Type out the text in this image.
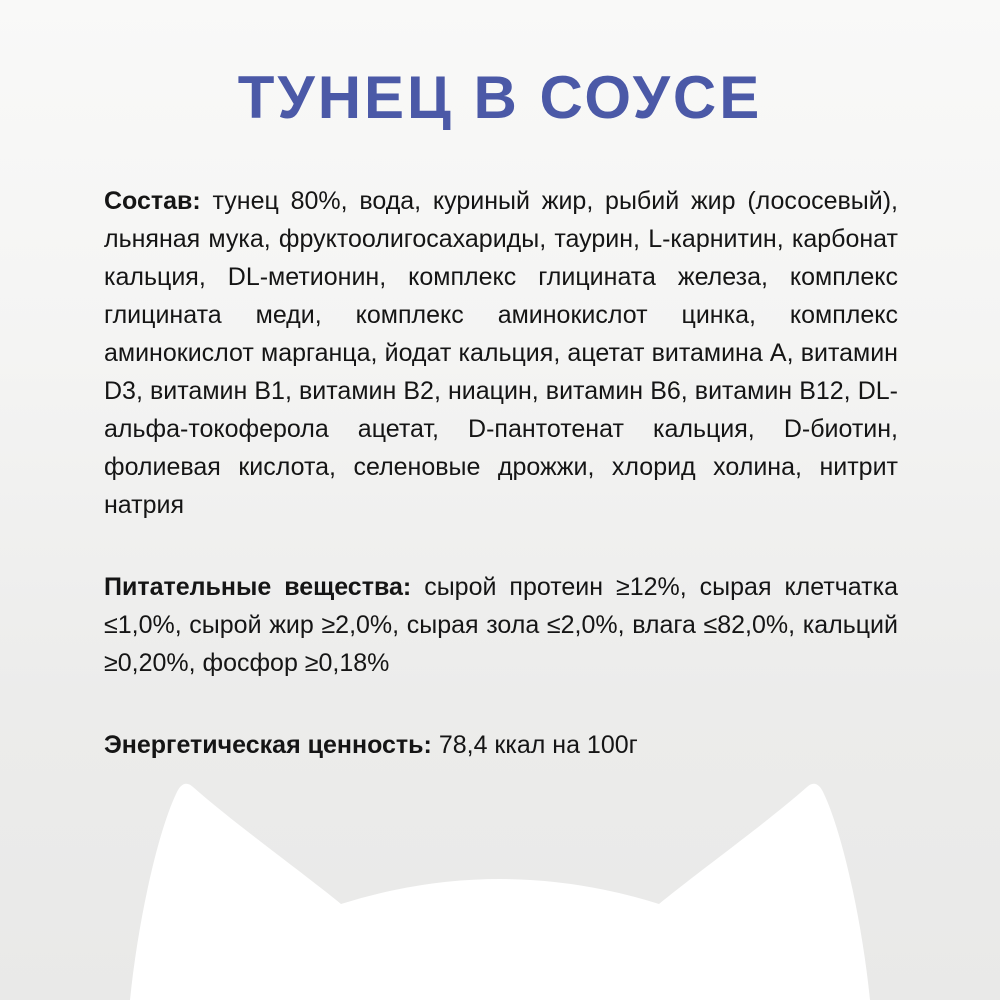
ТУНЕЦ В СОУСЕ

Состав: тунец 80%, вода, куриный жир, рыбий жир (лососевый), льняная мука, фруктоолигосахариды, таурин, L-карнитин, карбонат кальция, DL-метионин, комплекс глицината железа, комплекс глицината меди, комплекс аминокислот цинка, комплекс аминокислот марганца, йодат кальция, ацетат витамина А, витамин D3, витамин B1, витамин B2, ниацин, витамин B6, витамин B12, DL-альфа-токоферола ацетат, D-пантотенат кальция, D-биотин, фолиевая кислота, селеновые дрожжи, хлорид холина, нитрит натрия

Питательные вещества: сырой протеин ≥12%, сырая клетчатка ≤1,0%, сырой жир ≥2,0%, сырая зола ≤2,0%, влага ≤82,0%, кальций ≥0,20%, фосфор ≥0,18%

Энергетическая ценность: 78,4 ккал на 100г
